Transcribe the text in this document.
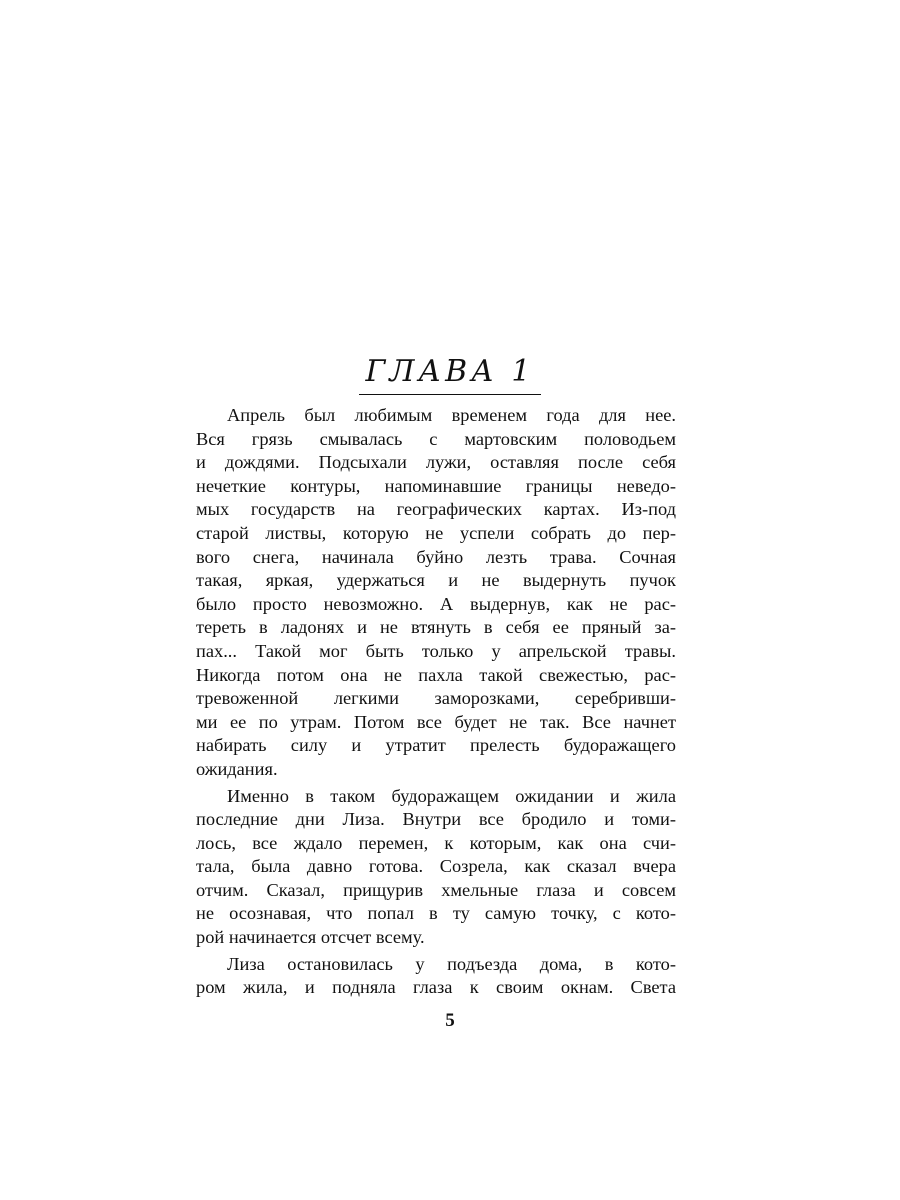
ГЛАВА 1
Апрель был любимым временем года для нее.
Вся грязь смывалась с мартовским половодьем
и дождями. Подсыхали лужи, оставляя после себя
нечеткие контуры, напоминавшие границы неведо-
мых государств на географических картах. Из-под
старой листвы, которую не успели собрать до пер-
вого снега, начинала буйно лезть трава. Сочная
такая, яркая, удержаться и не выдернуть пучок
было просто невозможно. А выдернув, как не рас-
тереть в ладонях и не втянуть в себя ее пряный за-
пах... Такой мог быть только у апрельской травы.
Никогда потом она не пахла такой свежестью, рас-
тревоженной легкими заморозками, серебривши-
ми ее по утрам. Потом все будет не так. Все начнет
набирать силу и утратит прелесть будоражащего
ожидания.
Именно в таком будоражащем ожидании и жила
последние дни Лиза. Внутри все бродило и томи-
лось, все ждало перемен, к которым, как она счи-
тала, была давно готова. Созрела, как сказал вчера
отчим. Сказал, прищурив хмельные глаза и совсем
не осознавая, что попал в ту самую точку, с кото-
рой начинается отсчет всему.
Лиза остановилась у подъезда дома, в кото-
ром жила, и подняла глаза к своим окнам. Света
5
